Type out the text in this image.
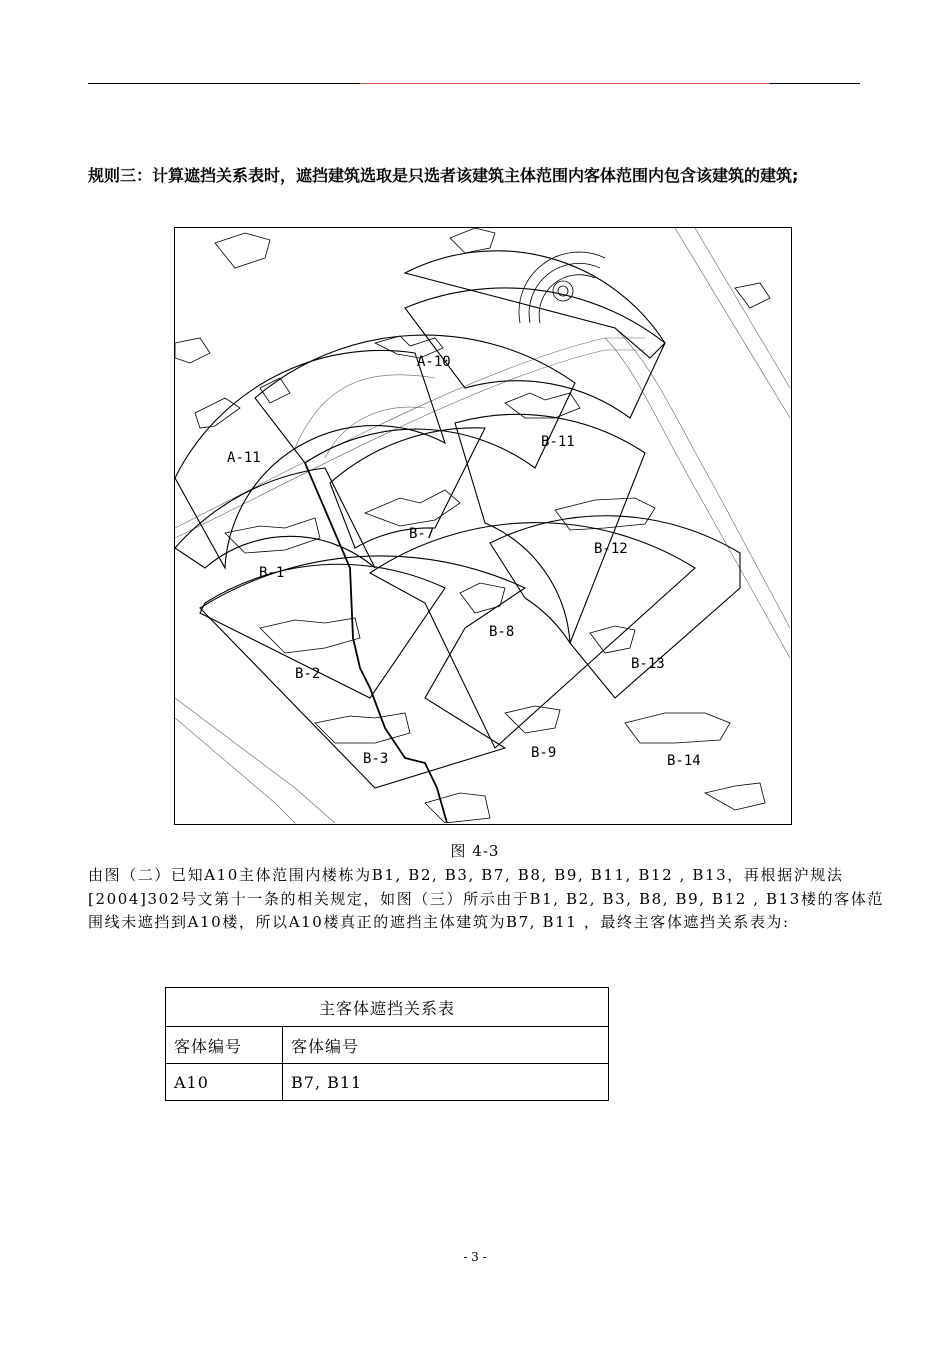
规则三：计算遮挡关系表时，遮挡建筑选取是只选者该建筑主体范围内客体范围内包含该建筑的建筑;
A-10
A-11
B-1
B-2
B-3
B-7
B-8
B-9
B-11
B-12
B-13
B-14
图 4-3
由图（二）已知A10主体范围内楼栋为B1, B2, B3, B7, B8, B9, B11, B12 , B13，再根据沪规法[2004]302号文第十一条的相关规定，如图（三）所示由于B1, B2, B3, B8, B9, B12 , B13楼的客体范围线未遮挡到A10楼，所以A10楼真正的遮挡主体建筑为B7, B11 ，最终主客体遮挡关系表为:
主客体遮挡关系表	
客体编号	客体编号
A10	B7, B11
- 3 -
